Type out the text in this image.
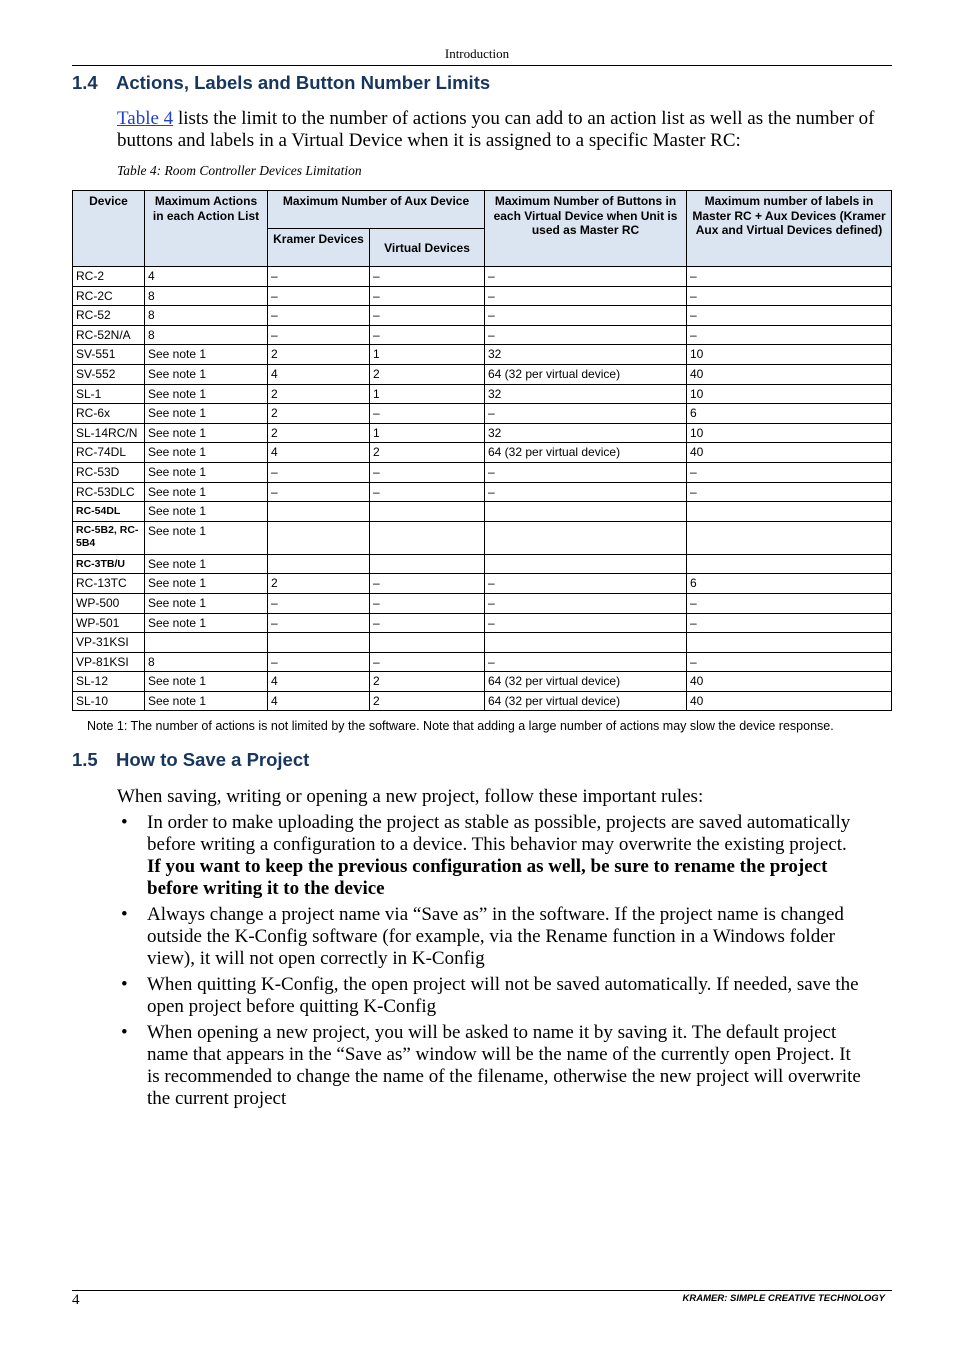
Introduction
1.4 Actions, Labels and Button Number Limits
Table 4 lists the limit to the number of actions you can add to an action list as well as the number of buttons and labels in a Virtual Device when it is assigned to a specific Master RC:
Table 4: Room Controller Devices Limitation
Device	Maximum Actions in each Action List	Maximum Number of Aux Device		Maximum Number of Buttons in each Virtual Device when Unit is used as Master RC	Maximum number of labels in Master RC + Aux Devices (Kramer Aux and Virtual Devices defined)
		Kramer Devices	Virtual Devices		
RC-2	4	–	–	–	–
RC-2C	8	–	–	–	–
RC-52	8	–	–	–	–
RC-52N/A	8	–	–	–	–
SV-551	See note 1	2	1	32	10
SV-552	See note 1	4	2	64 (32 per virtual device)	40
SL-1	See note 1	2	1	32	10
RC-6x	See note 1	2	–	–	6
SL-14RC/N	See note 1	2	1	32	10
RC-74DL	See note 1	4	2	64 (32 per virtual device)	40
RC-53D	See note 1	–	–	–	–
RC-53DLC	See note 1	–	–	–	–
RC-54DL	See note 1				

RC-5B2, RC-5B4	See note 1				
RC-3TB/U	See note 1				
RC-13TC	See note 1	2	–	–	6
WP-500	See note 1	–	–	–	–
WP-501	See note 1	–	–	–	–
VP-31KSI					
VP-81KSI	8	–	–	–	–
SL-12	See note 1	4	2	64 (32 per virtual device)	40
SL-10	See note 1	4	2	64 (32 per virtual device)	40
Note 1: The number of actions is not limited by the software. Note that adding a large number of actions may slow the device response.
1.5 How to Save a Project
When saving, writing or opening a new project, follow these important rules:
• In order to make uploading the project as stable as possible, projects are saved automatically before writing a configuration to a device. This behavior may overwrite the existing project.
If you want to keep the previous configuration as well, be sure to rename the project before writing it to the device
• Always change a project name via “Save as” in the software. If the project name is changed outside the K-Config software (for example, via the Rename function in a Windows folder view), it will not open correctly in K-Config
• When quitting K-Config, the open project will not be saved automatically. If needed, save the open project before quitting K-Config
• When opening a new project, you will be asked to name it by saving it. The default project name that appears in the “Save as” window will be the name of the currently open Project. It is recommended to change the name of the filename, otherwise the new project will overwrite the current project
4	KRAMER: SIMPLE CREATIVE TECHNOLOGY
